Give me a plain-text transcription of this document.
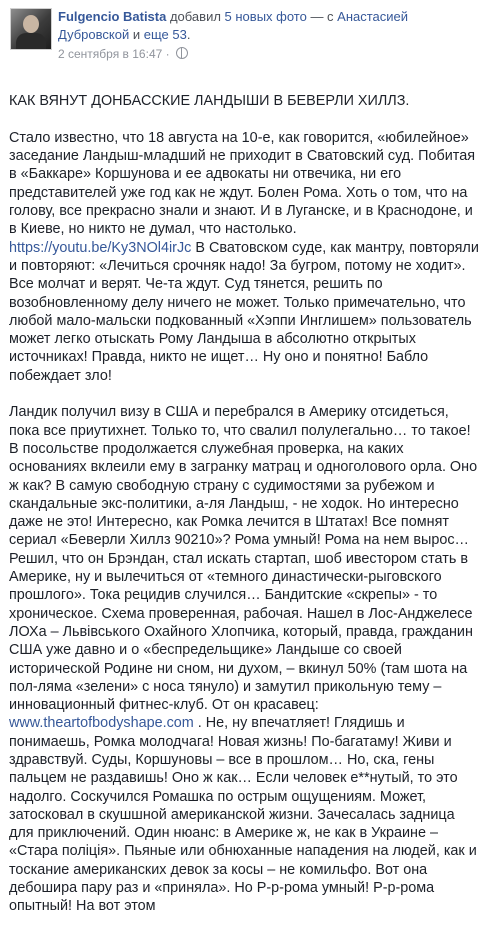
Fulgencio Batista добавил 5 новых фото — с Анастасией Дубровской и еще 53.
2 сентября в 16:47 ·

КАК ВЯНУТ ДОНБАССКИЕ ЛАНДЫШИ В БЕВЕРЛИ ХИЛЛЗ.

Стало известно, что 18 августа на 10-е, как говорится, «юбилейное» заседание Ландыш-младший не приходит в Сватовский суд. Побитая в «Баккаре» Коршунова и ее адвокаты ни отвечика, ни его представителей уже год как не ждут. Болен Рома. Хоть о том, что на голову, все прекрасно знали и знают. И в Луганске, и в Краснодоне, и в Киеве, но никто не думал, что настолько. https://youtu.be/Ky3NOl4irJc В Сватовском суде, как мантру, повторяли и повторяют: «Лечиться срочняк надо! За бугром, потому не ходит». Все молчат и верят. Че-та ждут. Суд тянется, решить по возобновленному делу ничего не может. Только примечательно, что любой мало-мальски подкованный «Хэппи Инглишем» пользователь может легко отыскать Рому Ландыша в абсолютно открытых источниках! Правда, никто не ищет… Ну оно и понятно! Бабло побеждает зло!

Ландик получил визу в США и перебрался в Америку отсидеться, пока все приутихнет. Только то, что свалил полулегально… то такое! В посольстве продолжается служебная проверка, на каких основаниях вклеили ему в загранку матрац и одноголового орла. Оно ж как? В самую свободную страну с судимостями за рубежом и скандальные экс-политики, а-ля Ландыш, - не ходок. Но интересно даже не это! Интересно, как Ромка лечится в Штатах! Все помнят сериал «Беверли Хиллз 90210»? Рома умный! Рома на нем вырос… Решил, что он Брэндан, стал искать стартап, шоб ивестором стать в Америке, ну и вылечиться от «темного династически-рыговского прошлого». Тока рецидив случился… Бандитские «скрепы» - то хроническое. Схема проверенная, рабочая. Нашел в Лос-Анджелесе ЛОХа – Львівського Охайного Хлопчика, который, правда, гражданин США уже давно и о «беспредельщике» Ландыше со своей исторической Родине ни сном, ни духом, – вкинул 50% (там шота на пол-ляма «зелени» с носа тянуло) и замутил прикольную тему – инновационный фитнес-клуб. От он красавец: www.theartofbodyshape.com . Не, ну впечатляет! Глядишь и понимаешь, Ромка молодчага! Новая жизнь! По-багатаму! Живи и здравствуй. Суды, Коршуновы – все в прошлом… Но, ска, гены пальцем не раздавишь! Оно ж как… Если человек е**нутый, то это надолго. Соскучился Ромашка по острым ощущениям. Может, затосковал в скушшной американской жизни. Зачесалась задница для приключений. Один нюанс: в Америке ж, не как в Украине – «Стара поліція». Пьяные или обнюханные нападения на людей, как и тоскание американских девок за косы – не комильфо. Вот она дебошира пару раз и «приняла». Но Р-р-рома умный! Р-р-рома опытный! На вот этом
